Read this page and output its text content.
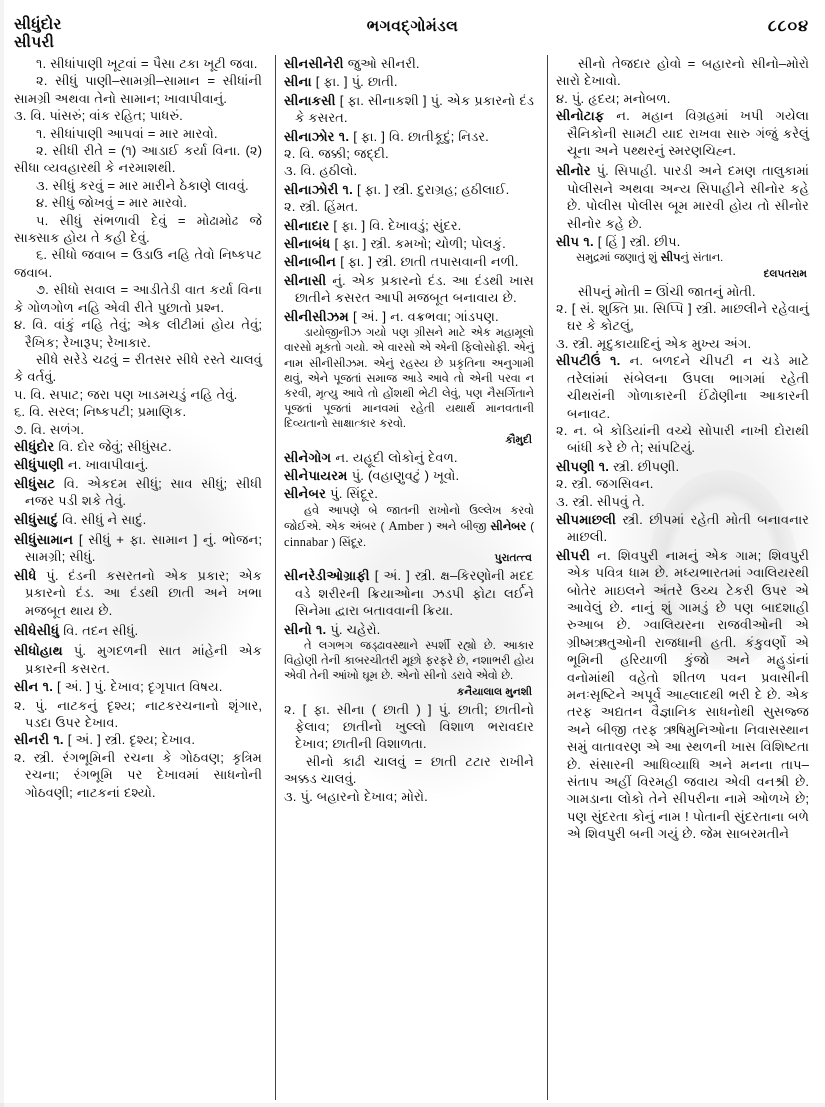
સીધુંદોર
સીપરી
ભગવદ્ગોમંડલ	૮૮૦૪
૧. સીધાંપાણી ખૂટવાં = પૈસા ટકા ખૂટી જવા.
૨. સીધું પાણી‒સામગ્રી‒સામાન = સીધાંની સામગ્રી અથવા તેનો સામાન; ખાવાપીવાનું.
૩. વિ. પાંસરું; વાંક રહિત; પાધરું.
૧. સીધાંપાણી આપવાં = માર મારવો.
૨. સીધી રીતે = (૧) આડાઈ કર્યા વિના. (૨) સીધા વ્યવહારથી કે નરમાશથી.
૩. સીધું કરવું = માર મારીને ઠેકાણે લાવવું.
૪. સીધું જોખવું = માર મારવો.
૫. સીધું સંભળાવી દેવું = મોઢામોઢ જે સાક્સાક હોય તે કહી દેવું.
૬. સીધો જવાબ = ઉડાઉ નહિ તેવો નિષ્કપટ જવાબ.
૭. સીધો સવાલ = આડીતેડી વાત કર્યા વિના કે ગોળગોળ નહિ એવી રીતે પુછાતો પ્રશ્ન.
૪. વિ. વાંકું નહિ તેવું; એક લીટીમાં હોય તેવું; રૈખિક; રેખારૂપ; રેખાકાર.
સીધે સરેડે ચઢવું = રીતસર સીધે રસ્તે ચાલવું કે વર્તવું.
૫. વિ. સપાટ; જરા પણ ખાડમચડું નહિ તેવું.
૬. વિ. સરલ; નિષ્કપટી; પ્રમાણિક.
૭. વિ. સળંગ.
સીધુંદોર વિ. દોર જેવું; સીધુંસટ.
સીધુંપાણી ન. ખાવાપીવાનું.
સીધુંસટ વિ. એકદમ સીધું; સાવ સીધું; સીધી નજર પડી શકે તેવું.
સીધુંસાદું વિ. સીધું ને સાદું.
સીધુંસામાન [ સીધું + ફા. સામાન ] નું. ભોજન; સામગ્રી; સીધું.
સીધે પું. દંડની કસરતનો એક પ્રકાર; એક પ્રકારનો દંડ. આ દંડથી છાતી અને ખભા મજબૂત થાય છે.
સીધેસીધું વિ. તદન સીધું.
સીધોહાથ પું. મુગદળની સાત માંહેની એક પ્રકારની કસરત.
સીન ૧. [ અં. ] પું. દેખાવ; દૃગૃપાત વિષય.
૨. પું. નાટકનું દૃશ્ય; નાટકરચનાનો શૃંગાર, પડદા ઉપર દેખાવ.
સીનરી ૧. [ અં. ] સ્ત્રી. દૃશ્ય; દેખાવ.
૨. સ્ત્રી. રંગભૂમિની રચના કે ગોઠવણ; કૃત્રિમ રચના; રંગભૂમિ પર દેખાવમાં સાધનોની ગોઠવણી; નાટકનાં દશ્યો.
સીનસીનેરી જુઓ સીનરી.
સીના [ ફા. ] પું. છાતી.
સીનાકસી [ ફા. સીનાકશી ] પું. એક પ્રકારનો દંડ કે કસરત.
સીનાઝોર ૧. [ ફા. ] વિ. છાતીકૂદું; નિડર.
૨. વિ. જક્કી; જદ્દી.
૩. વિ. હઠીલો.
સીનાઝોરી ૧. [ ફા. ] સ્ત્રી. દુરાગ્રહ; હઠીલાઈ.
૨. સ્ત્રી. હિંમત.
સીનાદાર [ ફા. ] વિ. દેખાવડું; સુંદર.
સીનાબંધ [ ફા. ] સ્ત્રી. કમખો; ચોળી; પોલકું.
સીનાબીન [ ફા. ] સ્ત્રી. છાતી તપાસવાની નળી.
સીનાસી નું. એક પ્રકારનો દંડ. આ દંડથી ખાસ છાતીને કસરત આપી મજબૂત બનાવાય છે.
સીનીસીઝમ [ અં. ] ન. વક્રભવા; ગાંડપણ.
ડાયોજીનીઝ ગયો પણ ગ્રીસને માટે એક મહામૂલો વારસો મૂકતો ગયો. એ વારસો એ એની ફિલોસોફી. એનું નામ સીનીસીઝમ. એનું રહસ્ય છે પ્રકૃતિના અનુગામી થવું, એને પૂજતાં સમાજ આડે આવે તો એની પરવા ન કરવી, મૃત્યુ આવે તો હોંશથી ભેટી લેવું, પણ નૈસર્ગિતાને પૂજતાં પૂજતાં માનવમાં રહેતી યથાર્થ માનવતાની દિવ્યતાનો સાક્ષાત્કાર કરવો.
કૌમુદી
સીનેગોગ ન. યહૂદી લોકોનું દેવળ.
સીનેપાયરમ પું. (વહાણુવટું ) ખૂવો.
સીનેબર પું. સિંદૂર.
હવે આપણે બે જાતની રાખોનો ઉલ્લેખ કરવો જોઈએ. એક અંબર ( Amber ) અને બીજી સીનેબર ( cinnabar ) સિંદૂર.
પુરાતત્ત્વ
સીનરેડીઓગ્રાફી [ અં. ] સ્ત્રી. ક્ષ‒કિરણોની મદદ વડે શરીરની ક્રિયાઓના ઝડપી ફોટા લર્ઈને સિનેમા દ્વારા બતાવવાની ક્રિયા.
સીનો ૧. પું. ચહેરો.
તે લગભગ જડ્ઢાવસ્થાને સ્પર્શી રહ્યો છે. આકાર વિહોણી તેની કાબરચીતરી મૂછો ફરફરે છે, નશાભરી હોય એવી તેની આંખો ઘૂમ છે. એનો સીનો ડરાવે એવો છે.
કનૈયાલાલ મુનશી
૨. [ ફા. સીના ( છાતી ) ] પું. છાતી; છાતીનો ફેલાવ; છાતીનો ખુલ્લો વિશાળ ભરાવદાર દેખાવ; છાતીની વિશાળતા.
સીનો કાઢી ચાલવું = છાતી ટટાર રાખીને અક્કડ ચાલવું.
૩. પું. બહારનો દેખાવ; મોરો.
સીનો તેજદાર હોવો = બહારનો સીનો‒મોરો સારો દેખાવો.
૪. પું. હૃદય; મનોબળ.
સીનોટાફ ન. મહાન વિગ્રહમાં ખપી ગયેલા સૈનિકોની સામટી યાદ રાખવા સારુ ગંજું કરેલું ચૂના અને પથ્થરનું સ્મરણચિહ્ન.
સીનોર પું. સિપાહી. પારડી અને દમણ તાલુકામાં પોલીસને અથવા અન્ય સિપાહીને સીનોર કહે છે. પોલીસ પોલીસ બૂમ મારવી હોય તો સીનોર સીનોર કહે છે.
સીપ ૧. [ હિં ] સ્ત્રી. છીપ.
સમુદ્રમાં જણાતું શું સીપનું સંતાન.
દલપતરામ
સીપનું મોતી = ઊંચી જાતનું મોતી.
૨. [ સં. શુક્તિ પ્રા. સિપ્પિ ] સ્ત્રી. માછલીને રહેવાનું ઘર કે કોટલું,
૩. સ્ત્રી. મૃદુકાયાદિનું એક મુખ્ય અંગ.
સીપટીઉં ૧. ન. બળદને ચીપટી ન ચડે માટે તરેલાંમાં સંબેલના ઉપલા ભાગમાં રહેતી ચીથરાંની ગોળાકારની ઈંઢોણીના આકારની બનાવટ.
૨. ન. બે કોડિયાંની વચ્ચે સોપારી નાખી દોરાથી બાંધી કરે છે તે; સાંપટિયું.
સીપણી ૧. સ્ત્રી. છીપણી.
૨. સ્ત્રી. જગસિવન.
૩. સ્ત્રી. સીપવું તે.
સીપમાછલી સ્ત્રી. છીપમાં રહેતી મોતી બનાવનાર માછલી.
સીપરી ન. શિવપુરી નામનું એક ગામ; શિવપુરી એક પવિત્ર ધામ છે. મધ્યભારતમાં ગ્વાલિયરથી બોતેર માઇલને અંતરે ઉચ્ચ ટેકરી ઉપર એ આવેલું છે. નાનું શું ગામડું છે પણ બાદશાહી રુઆબ છે. ગ્વાલિયરના રાજવીઓની એ ગ્રીષ્મઋતુઓની રાજધાની હતી. કંકુવર્ણો એ ભૂમિની હરિયાળી કુંજો અને મહુડાંનાં વનોમાંથી વહેતો શીતળ પવન પ્રવાસીની મનઃસૃષ્ટિને અપૂર્વ આહ્લાદથી ભરી દે છે. એક તરફ અદ્યતન વૈજ્ઞાનિક સાધનોથી સુસજ્જ અને બીજી તરફ ઋષિમુનિઓના નિવાસસ્થાન સમું વાતાવરણ એ આ સ્થળની ખાસ વિશિષ્ટતા છે. સંસારની આધિવ્યાધિ અને મનના તાપ‒સંતાપ અહીં વિરમહી જવાય એવી વનશ્રી છે. ગામડાના લોકો તેને સીપરીના નામે ઓળખે છે; પણ સુંદરતા કોનું નામ ! પોતાની સુંદરતાના બળે એ શિવપુરી બની ગયું છે. જેમ સાબરમતીને
